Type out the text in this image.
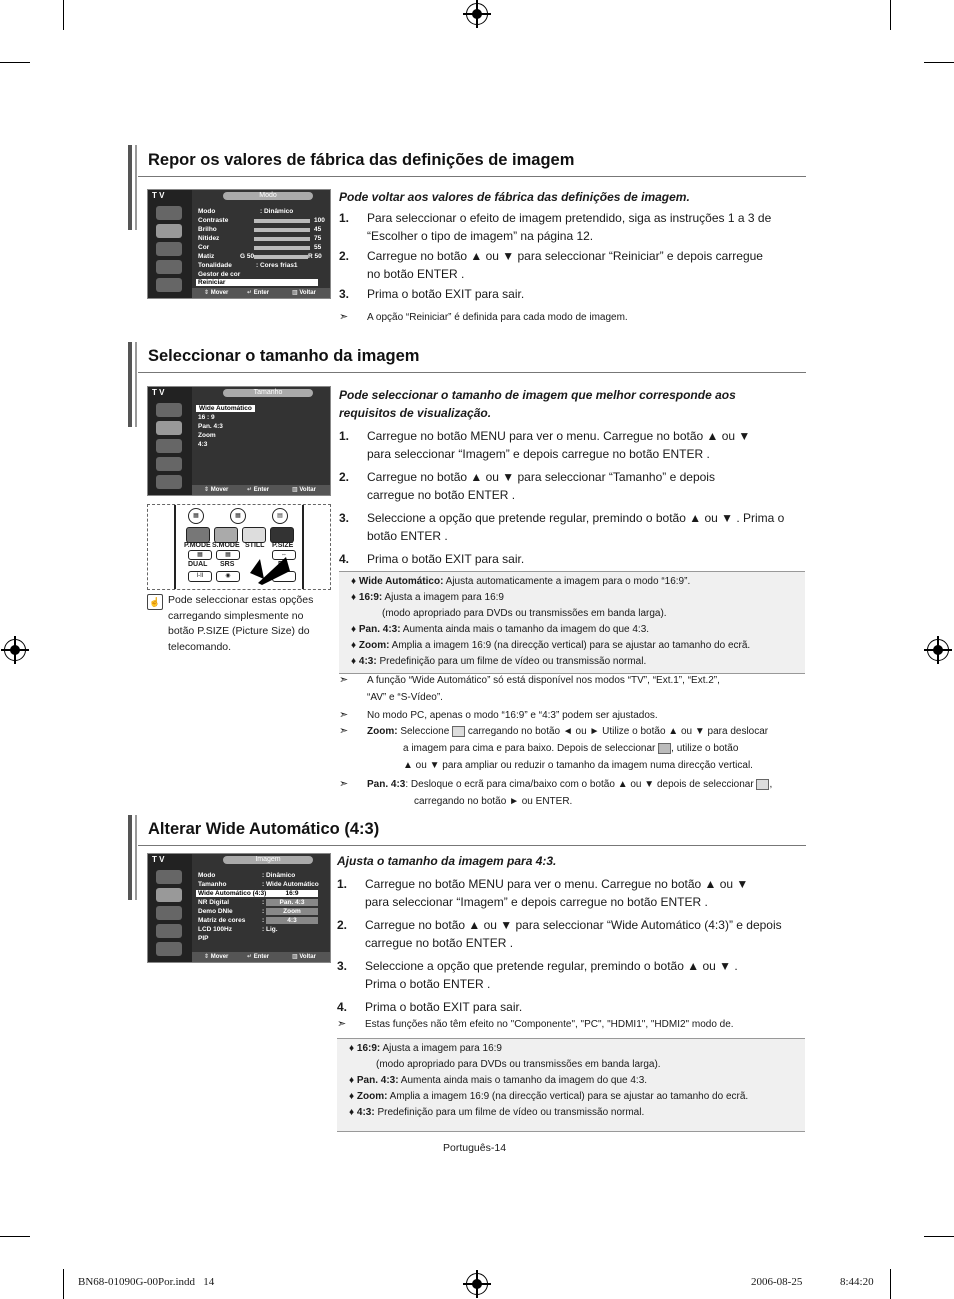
Repor os valores de fábrica das definições de imagem
T V	Modo
Modo	: Dinâmico
Contraste	100
Brilho	45
Nitidez	75
Cor	55
Matiz	G 50	R 50
Tonalidade	: Cores frias1
Gestor de cor
Reiniciar
⇕ Mover	↵ Enter	▥ Voltar
Pode voltar aos valores de fábrica das definições de imagem.
1. Para seleccionar o efeito de imagem pretendido, siga as instruções 1 a 3 de
“Escolher o tipo de imagem” na página 12.
2. Carregue no botão ▲ ou ▼ para seleccionar “Reiniciar” e depois carregue
no botão ENTER .
3. Prima o botão EXIT para sair.
➣ A opção “Reiniciar” é definida para cada modo de imagem.
Seleccionar o tamanho da imagem
T V	Tamanho
Wide Automático
16 : 9
Pan. 4:3
Zoom
4:3
⇕ Mover	↵ Enter	▥ Voltar
▦	▦	▤
P.MODE S.MODE STILL P.SIZE
▦	▦	⇔
DUAL SRS
I-II	◉
☝ Pode seleccionar estas opções
carregando simplesmente no
botão P.SIZE (Picture Size) do
telecomando.
Pode seleccionar o tamanho de imagem que melhor corresponde aos
requisitos de visualização.
1. Carregue no botão MENU para ver o menu. Carregue no botão ▲ ou ▼
para seleccionar “Imagem” e depois carregue no botão ENTER .
2. Carregue no botão ▲ ou ▼ para seleccionar “Tamanho” e depois
carregue no botão ENTER .
3. Seleccione a opção que pretende regular, premindo o botão ▲ ou ▼ . Prima o
botão ENTER .
4. Prima o botão EXIT para sair.
♦ Wide Automático: Ajusta automaticamente a imagem para o modo “16:9”.
♦ 16:9: Ajusta a imagem para 16:9
(modo apropriado para DVDs ou transmissões em banda larga).
♦ Pan. 4:3: Aumenta ainda mais o tamanho da imagem do que 4:3.
♦ Zoom: Amplia a imagem 16:9 (na direcção vertical) para se ajustar ao tamanho do ecrã.
♦ 4:3: Predefinição para um filme de vídeo ou transmissão normal.
➣ A função “Wide Automático” só está disponível nos modos “TV”, “Ext.1”, “Ext.2”,
“AV” e “S-Vídeo”.
➣ No modo PC, apenas o modo “16:9” e “4:3” podem ser ajustados.
➣ Zoom: Seleccione carregando no botão ◄ ou ► Utilize o botão ▲ ou ▼ para deslocar
a imagem para cima e para baixo. Depois de seleccionar , utilize o botão
▲ ou ▼ para ampliar ou reduzir o tamanho da imagem numa direcção vertical.
➣ Pan. 4:3: Desloque o ecrã para cima/baixo com o botão ▲ ou ▼ depois de seleccionar ,
carregando no botão ► ou ENTER.
Alterar Wide Automático (4:3)
T V	Imagem
Modo	: Dinâmico
Tamanho	: Wide Automático
Wide Automático (4:3)
NR Digital	:
Demo DNIe	:
Matriz de cores	:
LCD 100Hz	: Lig.
PIP
16:9
Pan. 4:3
Zoom
4:3
⇕ Mover	↵ Enter	▥ Voltar
Ajusta o tamanho da imagem para 4:3.
1. Carregue no botão MENU para ver o menu. Carregue no botão ▲ ou ▼
para seleccionar “Imagem” e depois carregue no botão ENTER .
2. Carregue no botão ▲ ou ▼ para seleccionar “Wide Automático (4:3)” e depois
carregue no botão ENTER .
3. Seleccione a opção que pretende regular, premindo o botão ▲ ou ▼ .
Prima o botão ENTER .
4. Prima o botão EXIT para sair.
➣ Estas funções não têm efeito no "Componente", "PC", "HDMI1", "HDMI2" modo de.
♦ 16:9: Ajusta a imagem para 16:9
(modo apropriado para DVDs ou transmissões em banda larga).
♦ Pan. 4:3: Aumenta ainda mais o tamanho da imagem do que 4:3.
♦ Zoom: Amplia a imagem 16:9 (na direcção vertical) para se ajustar ao tamanho do ecrã.
♦ 4:3: Predefinição para um filme de vídeo ou transmissão normal.
Português-14
BN68-01090G-00Por.indd   14	2006-08-25	8:44:20
